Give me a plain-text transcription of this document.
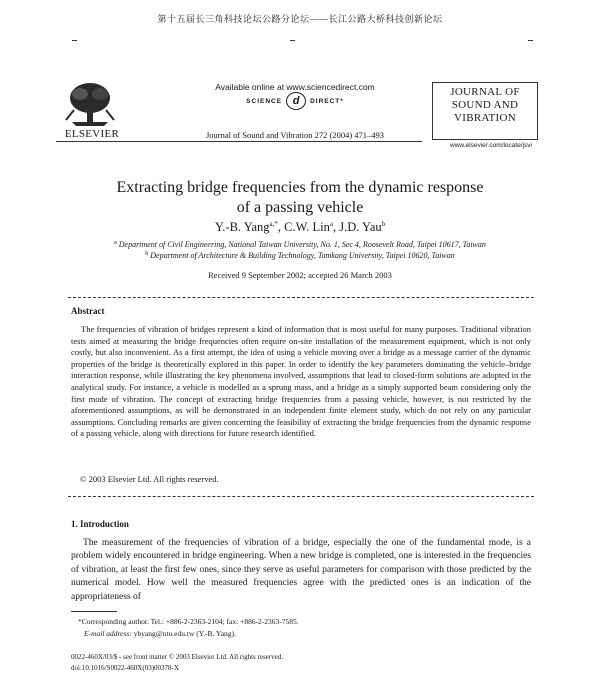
第十五届长三角科技论坛公路分论坛——长江公路大桥科技创新论坛
ELSEVIER
Available online at www.sciencedirect.com
SCIENCE d	DIRECT*
Journal of Sound and Vibration 272 (2004) 471–493
JOURNAL OF
SOUND AND
VIBRATION
www.elsevier.com/locate/jsvi
Extracting bridge frequencies from the dynamic response
of a passing vehicle
Y.-B. Yang$^{a,*}$, C.W. Lin$^a$, J.D. Yau$^b$
$^a$ Department of Civil Engineering, National Taiwan University, No. 1, Sec 4, Roosevelt Road, Taipei 10617, Taiwan
$^b$ Department of Architecture & Building Technology, Tamkang University, Taipei 10620, Taiwan
Received 9 September 2002; accepted 26 March 2003
Abstract
The frequencies of vibration of bridges represent a kind of information that is most useful for many purposes. Traditional vibration tests aimed at measuring the bridge frequencies often require on-site installation of the measurement equipment, which is not only costly, but also inconvenient. As a first attempt, the idea of using a vehicle moving over a bridge as a message carrier of the dynamic properties of the bridge is theoretically explored in this paper. In order to identify the key parameters dominating the vehicle–bridge interaction response, while illustrating the key phenomena involved, assumptions that lead to closed-form solutions are adopted in the analytical study. For instance, a vehicle is modelled as a sprung mass, and a bridge as a simply supported beam considering only the first mode of vibration. The concept of extracting bridge frequencies from a passing vehicle, however, is not restricted by the aforementioned assumptions, as will be demonstrated in an independent finite element study, which do not rely on any particular assumptions. Concluding remarks are given concerning the feasibility of extracting the bridge frequencies from the dynamic response of a passing vehicle, along with directions for future research identified.
© 2003 Elsevier Ltd. All rights reserved.
1. Introduction
The measurement of the frequencies of vibration of a bridge, especially the one of the fundamental mode, is a problem widely encountered in bridge engineering. When a new bridge is completed, one is interested in the frequencies of vibration, at least the first few ones, since they serve as useful parameters for comparison with those predicted by the numerical model. How well the measured frequencies agree with the predicted ones is an indication of the appropriateness of
*Corresponding author. Tel.: +886-2-2363-2104; fax: +886-2-2363-7585.
E-mail address: ybyang@ntu.edu.tw (Y.-B. Yang).
0022-460X/03/$ - see front matter © 2003 Elsevier Ltd. All rights reserved.
doi:10.1016/S0022-460X(03)00378-X
